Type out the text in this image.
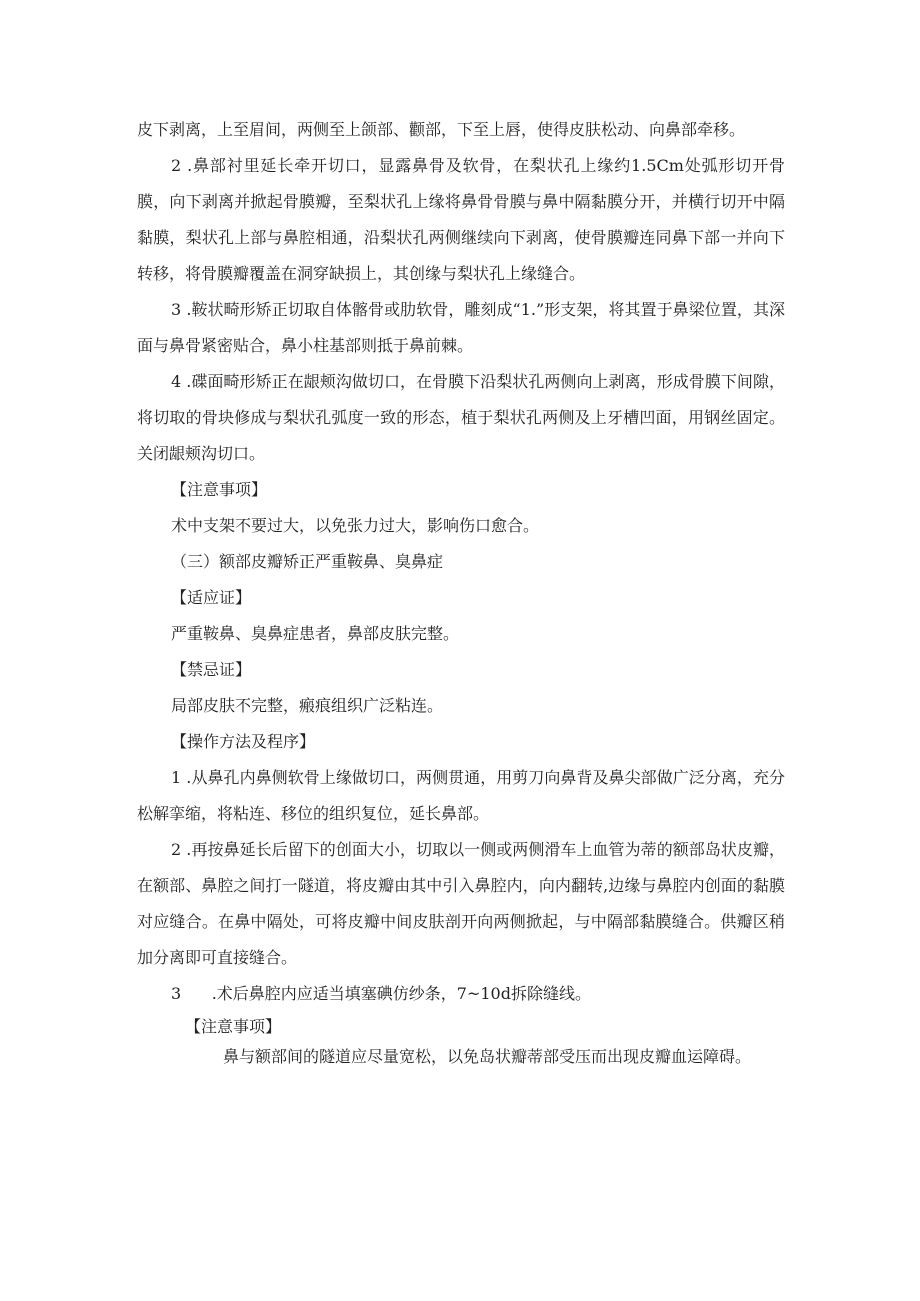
皮下剥离，上至眉间，两侧至上颌部、颧部，下至上唇，使得皮肤松动、向鼻部牵移。

2 .鼻部衬里延长牵开切口，显露鼻骨及软骨，在梨状孔上缘约1.5Cm处弧形切开骨膜，向下剥离并掀起骨膜瓣，至梨状孔上缘将鼻骨骨膜与鼻中隔黏膜分开，并横行切开中隔黏膜，梨状孔上部与鼻腔相通，沿梨状孔两侧继续向下剥离，使骨膜瓣连同鼻下部一并向下转移，将骨膜瓣覆盖在洞穿缺损上，其创缘与梨状孔上缘缝合。

3 .鞍状畸形矫正切取自体髂骨或肋软骨，雕刻成“1.”形支架，将其置于鼻梁位置，其深面与鼻骨紧密贴合，鼻小柱基部则抵于鼻前棘。

4 .碟面畸形矫正在龈颊沟做切口，在骨膜下沿梨状孔两侧向上剥离，形成骨膜下间隙，将切取的骨块修成与梨状孔弧度一致的形态，植于梨状孔两侧及上牙槽凹面，用钢丝固定。关闭龈颊沟切口。

【注意事项】

术中支架不要过大，以免张力过大，影响伤口愈合。

（三）额部皮瓣矫正严重鞍鼻、臭鼻症

【适应证】

严重鞍鼻、臭鼻症患者，鼻部皮肤完整。

【禁忌证】

局部皮肤不完整，瘢痕组织广泛粘连。

【操作方法及程序】

1 .从鼻孔内鼻侧软骨上缘做切口，两侧贯通，用剪刀向鼻背及鼻尖部做广泛分离，充分松解挛缩，将粘连、移位的组织复位，延长鼻部。

2 .再按鼻延长后留下的创面大小，切取以一侧或两侧滑车上血管为蒂的额部岛状皮瓣，在额部、鼻腔之间打一隧道，将皮瓣由其中引入鼻腔内，向内翻转,边缘与鼻腔内创面的黏膜对应缝合。在鼻中隔处，可将皮瓣中间皮肤剖开向两侧掀起，与中隔部黏膜缝合。供瓣区稍加分离即可直接缝合。

3      .术后鼻腔内应适当填塞碘仿纱条，7~10d拆除缝线。

【注意事项】

鼻与额部间的隧道应尽量宽松，以免岛状瓣蒂部受压而出现皮瓣血运障碍。
